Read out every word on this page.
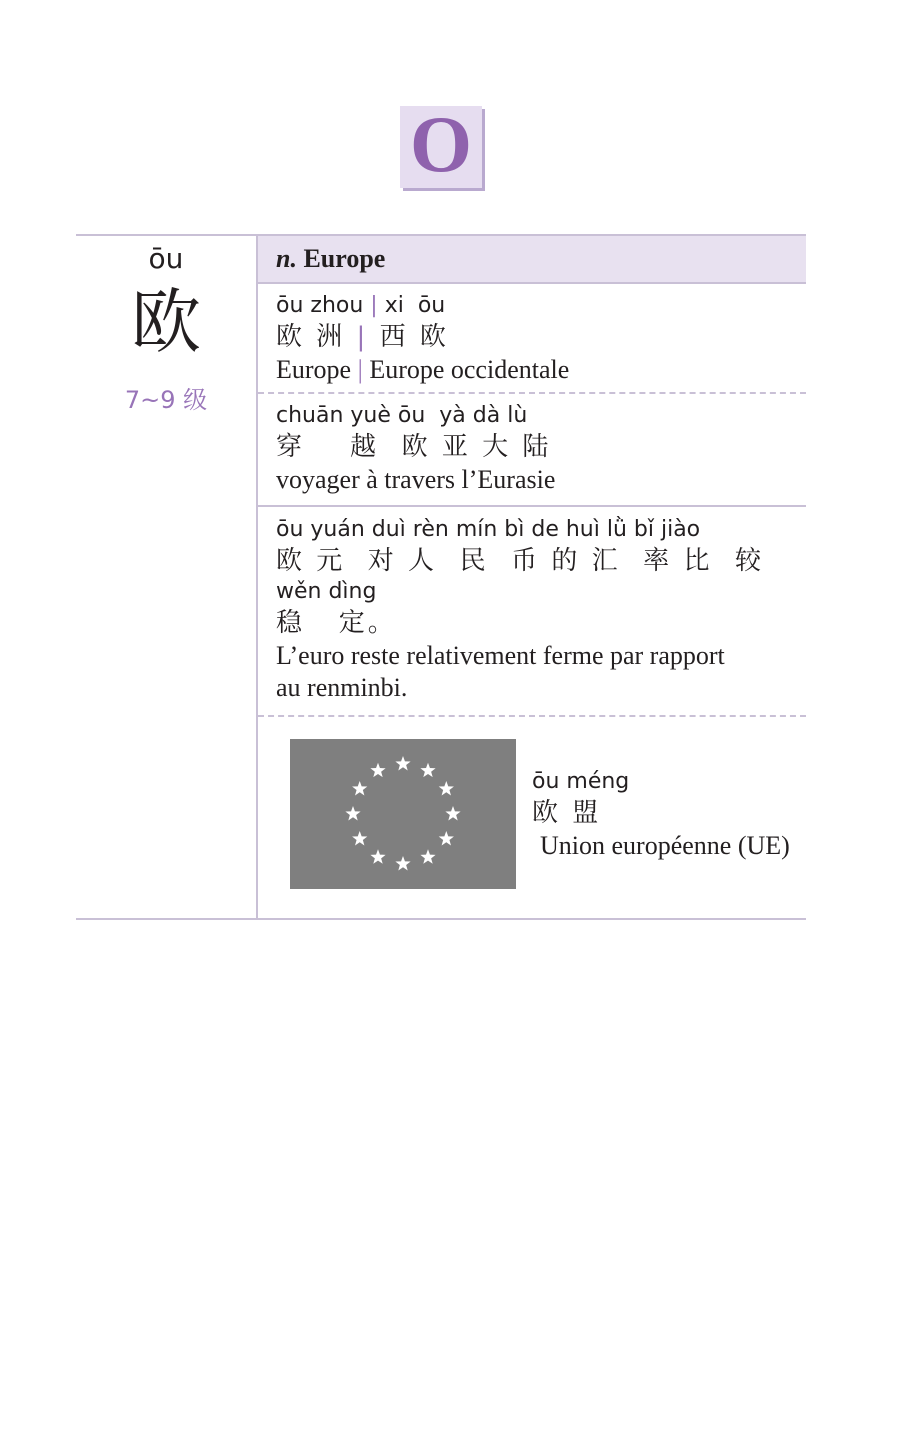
O
ōu
欧
7~9 级
n. Europe
ōu zhou | xi  ōu
欧 洲 | 西 欧
Europe | Europe occidentale
chuān yuè ōu  yà dà lù
穿    越  欧 亚 大 陆
voyager à travers l’Eurasie
ōu yuán duì rèn mín bì de huì lǜ bǐ jiào
欧 元  对 人  民  币 的 汇  率 比  较
wěn dìng
稳   定。
L’euro reste relativement ferme par rapport
au renminbi.
ōu méng
欧 盟
Union européenne (UE)
